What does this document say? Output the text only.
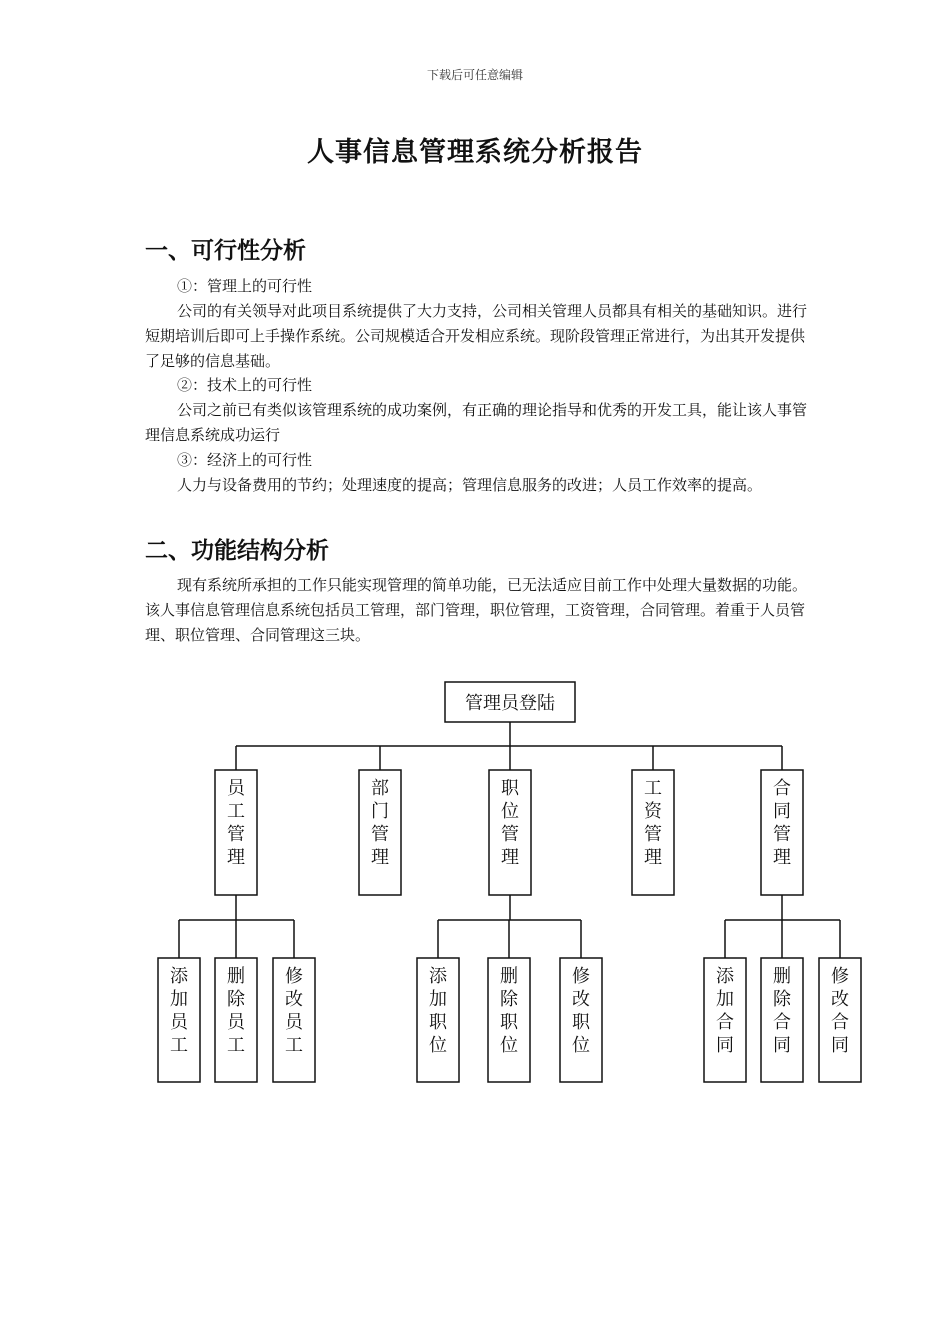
下载后可任意编辑
人事信息管理系统分析报告
一、可行性分析

①：管理上的可行性

公司的有关领导对此项目系统提供了大力支持，公司相关管理人员都具有相关的基础知识。进行短期培训后即可上手操作系统。公司规模适合开发相应系统。现阶段管理正常进行，为出其开发提供了足够的信息基础。

②：技术上的可行性

公司之前已有类似该管理系统的成功案例，有正确的理论指导和优秀的开发工具，能让该人事管理信息系统成功运行

③：经济上的可行性

人力与设备费用的节约；处理速度的提高；管理信息服务的改进；人员工作效率的提高。

二、功能结构分析

现有系统所承担的工作只能实现管理的简单功能，已无法适应目前工作中处理大量数据的功能。该人事信息管理信息系统包括员工管理，部门管理，职位管理，工资管理，合同管理。着重于人员管理、职位管理、合同管理这三块。

管理员登陆
员工管理
添加员工
删除员工
修改员工
部门管理
职位管理
添加职位
删除职位
修改职位
工资管理
合同管理
添加合同
删除合同
修改合同
